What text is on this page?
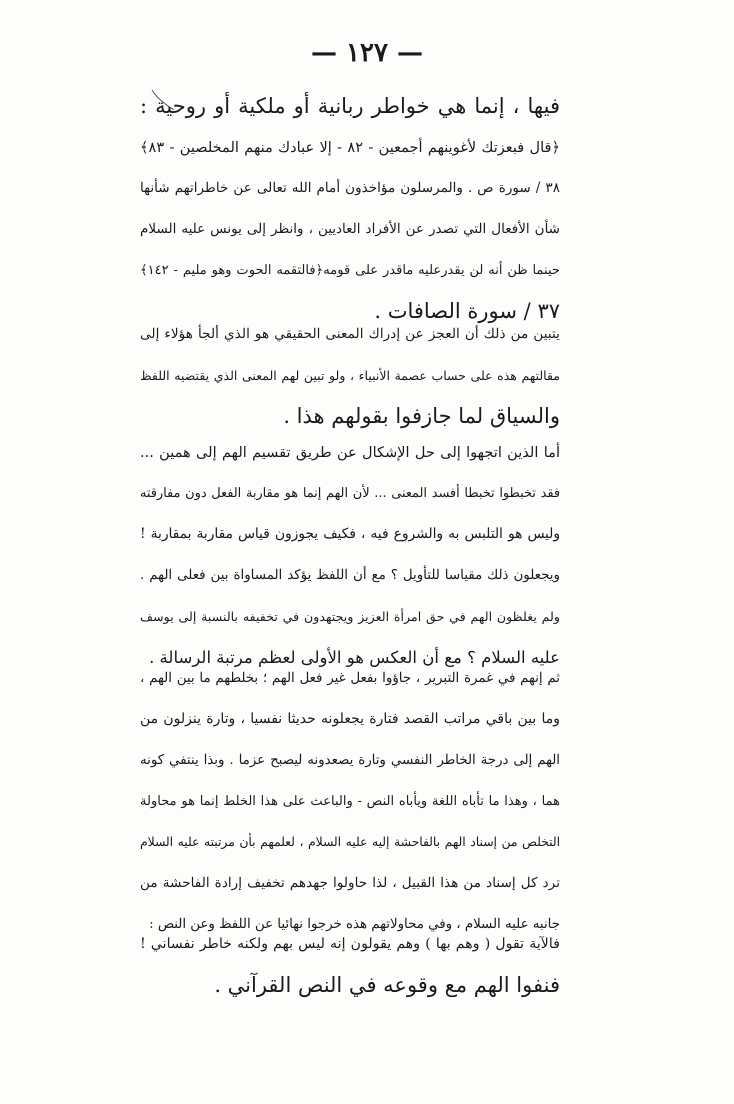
— ١٢٧ —
فيها ، إنما هي خواطر ربانية أو ملكية أو روحية :
﴿قال فبعزتك لأغوينهم أجمعين - ٨٢ - إلا عبادك منهم المخلصين - ٨٣﴾
٣٨ / سورة ص . والمرسلون مؤاخذون أمام الله تعالى عن خاطراتهم شأنها
شأن الأفعال التي تصدر عن الأفراد العاديين ، وانظر إلى يونس عليه السلام
حينما ظن أنه لن يقدرعليه ماقدر على قومه﴿فالتقمه الحوت وهو مليم - ١٤٢﴾
٣٧ / سورة الصافات .
يتبين من ذلك أن العجز عن إدراك المعنى الحقيقي هو الذي ألجأ هؤلاء إلى
مقالتهم هذه على حساب عصمة الأنبياء ، ولو تبين لهم المعنى الذي يقتضيه اللفظ
والسياق لما جازفوا بقولهم هذا .
أما الذين اتجهوا إلى حل الإشكال عن طريق تقسيم الهم إلى همين ...
فقد تخبطوا تخبطا أفسد المعنى ... لأن الهم إنما هو مقاربة الفعل دون مفارقته
وليس هو التلبس به والشروع فيه ، فكيف يجوزون قياس مقاربة بمقاربة !
ويجعلون ذلك مقياسا للتأويل ؟ مع أن اللفظ يؤكد المساواة بين فعلى الهم .
ولم يغلظون الهم في حق امرأة العزيز ويجتهدون في تخفيفه بالنسبة إلى يوسف
عليه السلام ؟ مع أن العكس هو الأولى لعظم مرتبة الرسالة .
ثم إنهم في غمرة التبرير ، جاؤوا بفعل غير فعل الهم ؛ بخلطهم ما بين الهم ،
وما بين باقي مراتب القصد فتارة يجعلونه حديثا نفسيا ، وتارة ينزلون من
الهم إلى درجة الخاطر النفسي وتارة يصعدونه ليصبح عزما . وبذا ينتفي كونه
هما ، وهذا ما تأباه اللغة ويأباه النص - والباعث على هذا الخلط إنما هو محاولة
التخلص من إسناد الهم بالفاحشة إليه عليه السلام ، لعلمهم بأن مرتبته عليه السلام
ترد كل إسناد من هذا القبيل ، لذا حاولوا جهدهم تخفيف إرادة الفاحشة من
جانبه عليه السلام ، وفي محاولاتهم هذه خرجوا نهائيا عن اللفظ وعن النص :
فالآية تقول ( وهم بها ) وهم يقولون إنه ليس بهم ولكنه خاطر نفساني !
فنفوا الهم مع وقوعه في النص القرآني .
